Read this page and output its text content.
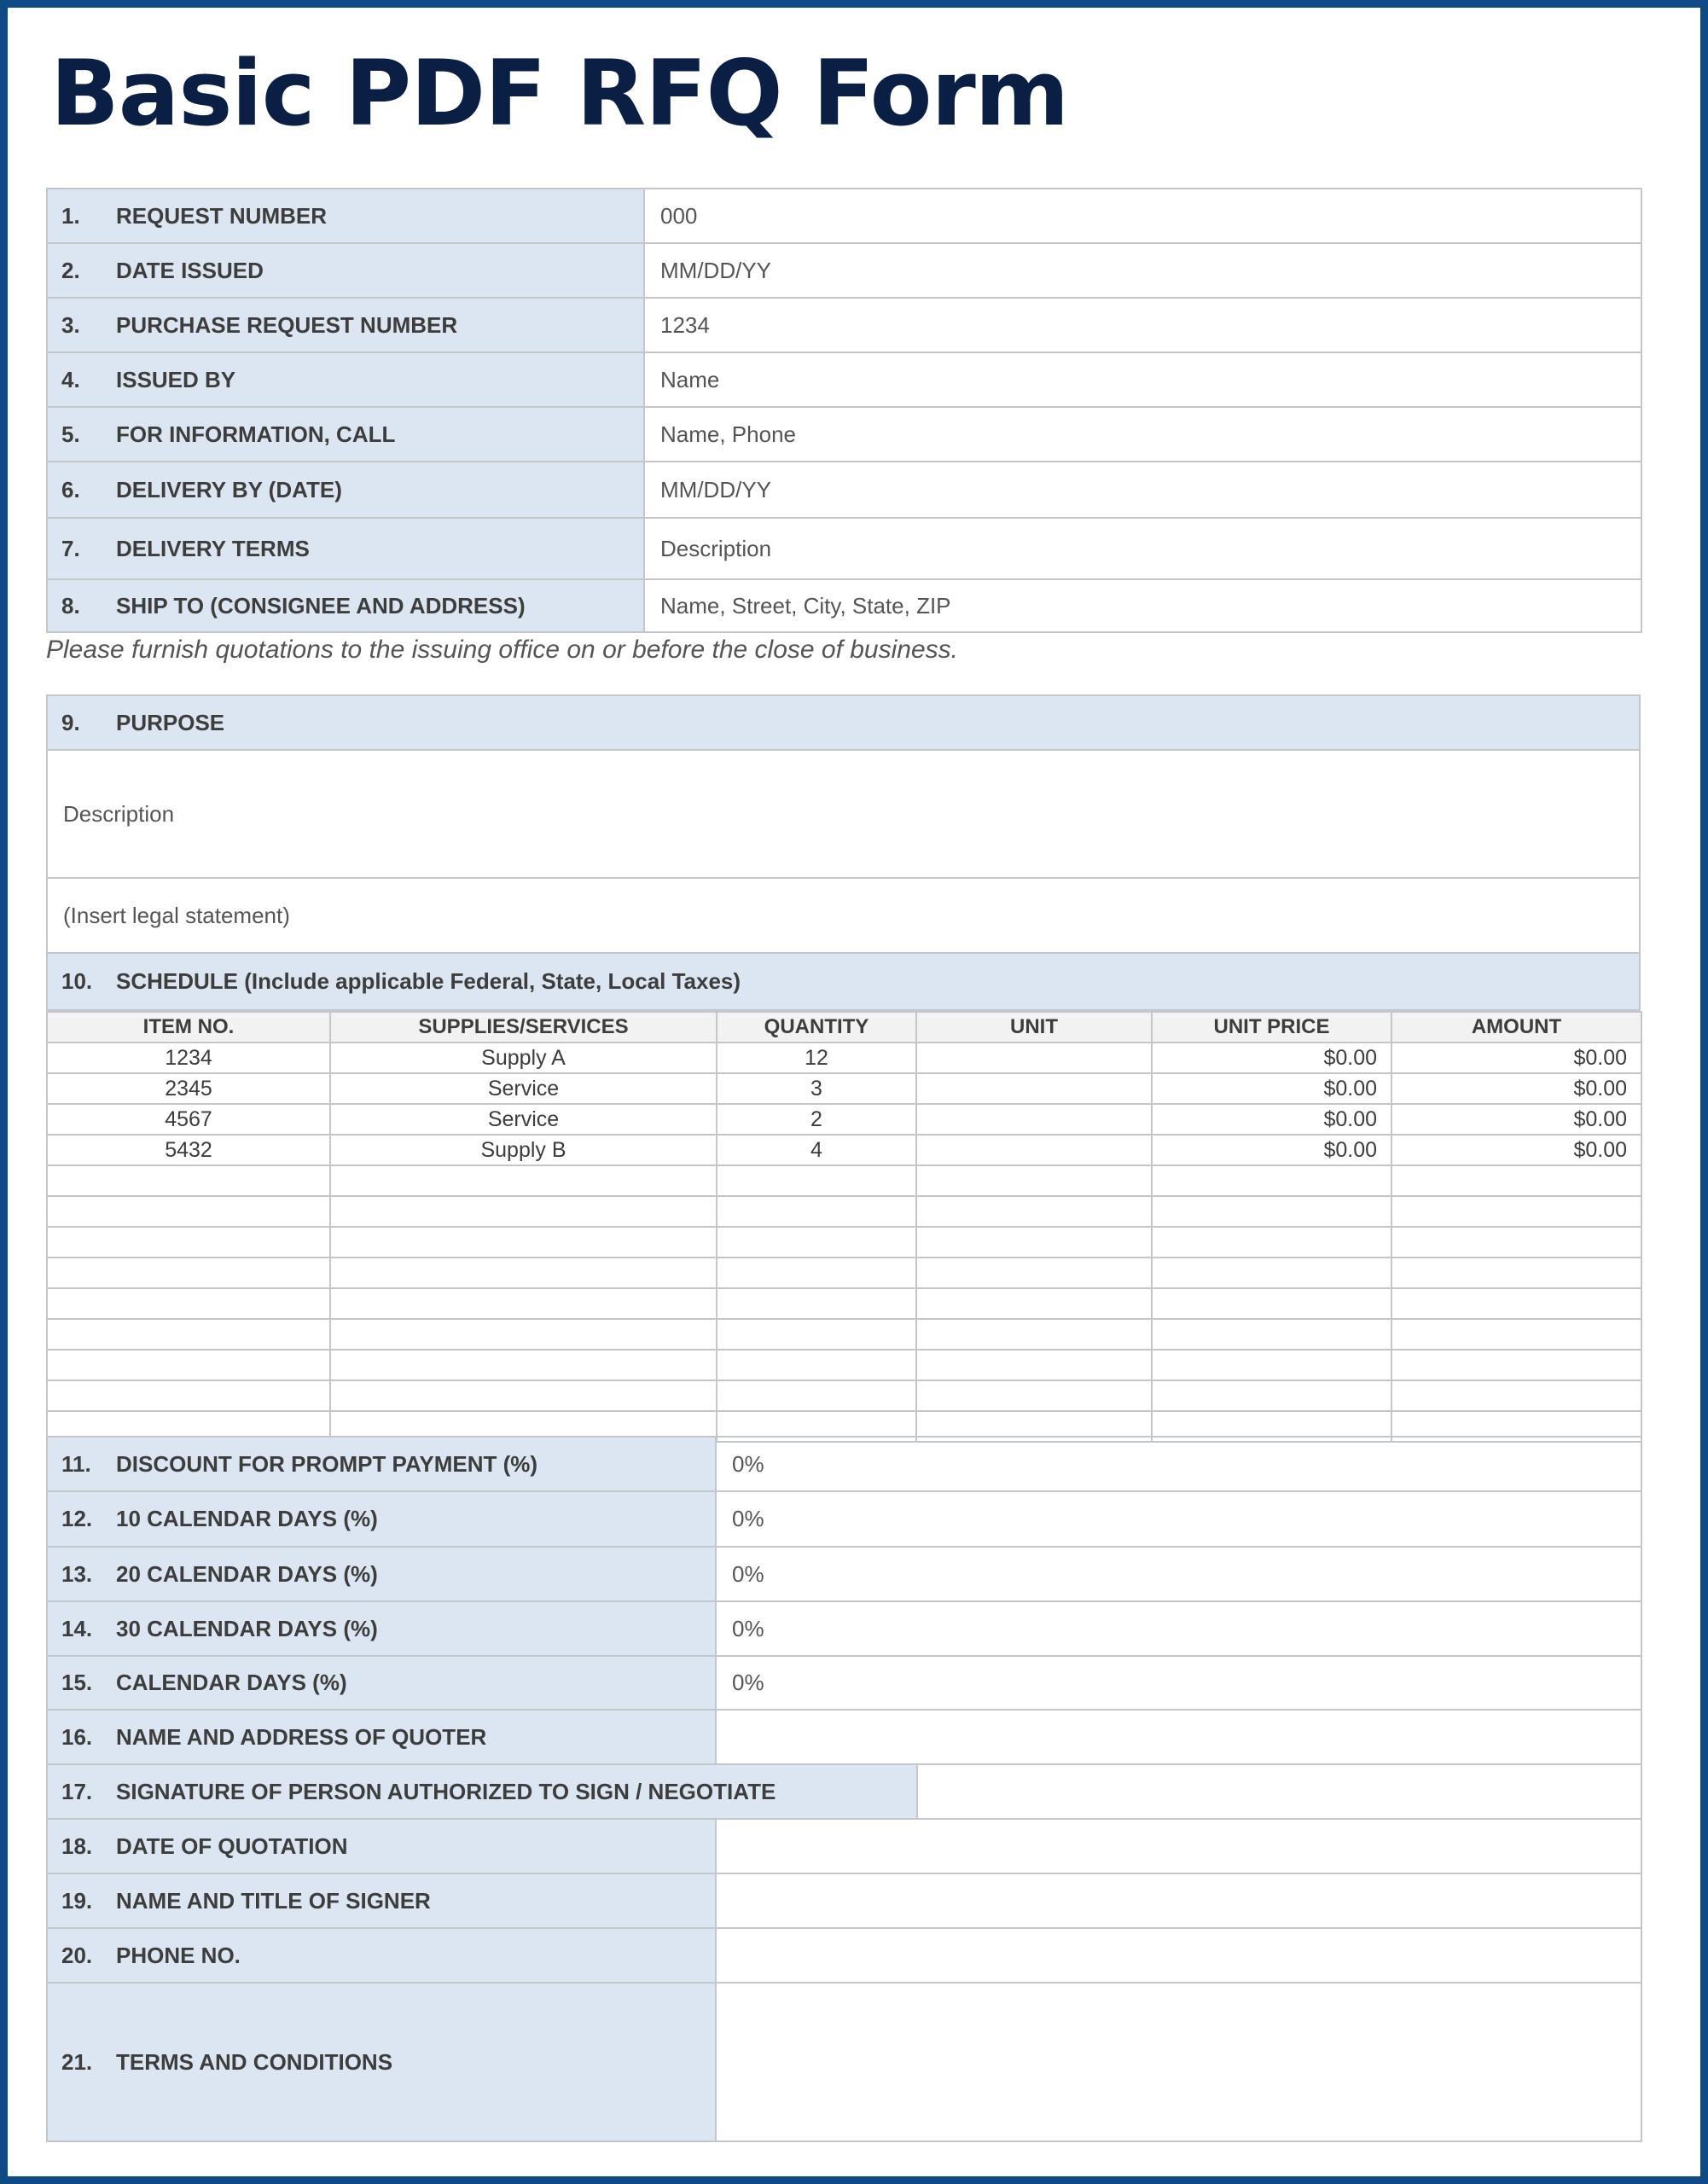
Basic PDF RFQ Form
1. REQUEST NUMBER	000
2. DATE ISSUED	MM/DD/YY
3. PURCHASE REQUEST NUMBER	1234
4. ISSUED BY	Name
5. FOR INFORMATION, CALL	Name, Phone
6. DELIVERY BY (DATE)	MM/DD/YY
7. DELIVERY TERMS	Description
8. SHIP TO (CONSIGNEE AND ADDRESS)	Name, Street, City, State, ZIP
Please furnish quotations to the issuing office on or before the close of business.
9. PURPOSE
Description
(Insert legal statement)
10. SCHEDULE (Include applicable Federal, State, Local Taxes)
ITEM NO.	SUPPLIES/SERVICES	QUANTITY	UNIT	UNIT PRICE	AMOUNT
1234	Supply A	12		$0.00	$0.00
2345	Service	3		$0.00	$0.00
4567	Service	2		$0.00	$0.00
5432	Supply B	4		$0.00	$0.00

11. DISCOUNT FOR PROMPT PAYMENT (%)	0%	
12. 10 CALENDAR DAYS (%)	0%	
13. 20 CALENDAR DAYS (%)	0%	
14. 30 CALENDAR DAYS (%)	0%	
15. CALENDAR DAYS (%)	0%	
16. NAME AND ADDRESS OF QUOTER		
17. SIGNATURE OF PERSON AUTHORIZED TO SIGN / NEGOTIATE		
18. DATE OF QUOTATION		
19. NAME AND TITLE OF SIGNER		
20. PHONE NO.		
21. TERMS AND CONDITIONS		
